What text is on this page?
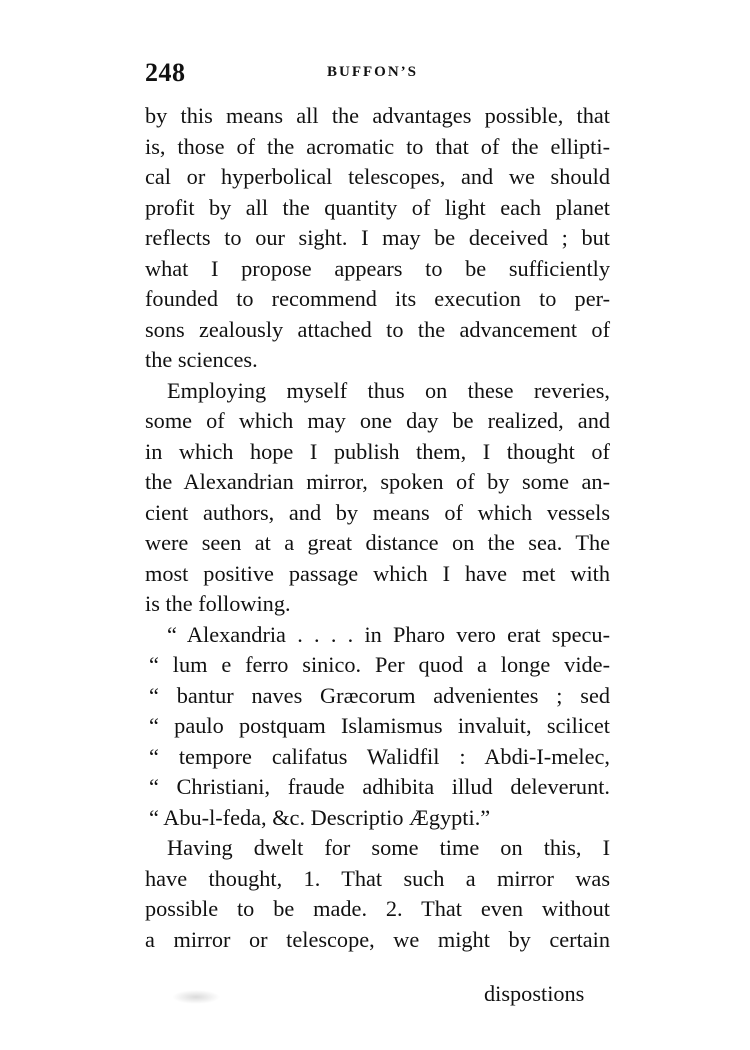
248	BUFFON’S
by this means all the advantages possible, that
is, those of the acromatic to that of the ellipti-
cal or hyperbolical telescopes, and we should
profit by all the quantity of light each planet
reflects to our sight. I may be deceived ; but
what I propose appears to be sufficiently
founded to recommend its execution to per-
sons zealously attached to the advancement of
the sciences.
Employing myself thus on these reveries,
some of which may one day be realized, and
in which hope I publish them, I thought of
the Alexandrian mirror, spoken of by some an-
cient authors, and by means of which vessels
were seen at a great distance on the sea. The
most positive passage which I have met with
is the following.
“ Alexandria . . . . in Pharo vero erat specu-
“ lum e ferro sinico. Per quod a longe vide-
“ bantur naves Græcorum advenientes ; sed
“ paulo postquam Islamismus invaluit, scilicet
“ tempore califatus Walidfil : Abdi-I-melec,
“ Christiani, fraude adhibita illud deleverunt.
“ Abu-l-feda, &c. Descriptio Ægypti.”
Having dwelt for some time on this, I
have thought, 1. That such a mirror was
possible to be made. 2. That even without
a mirror or telescope, we might by certain
dispostions
